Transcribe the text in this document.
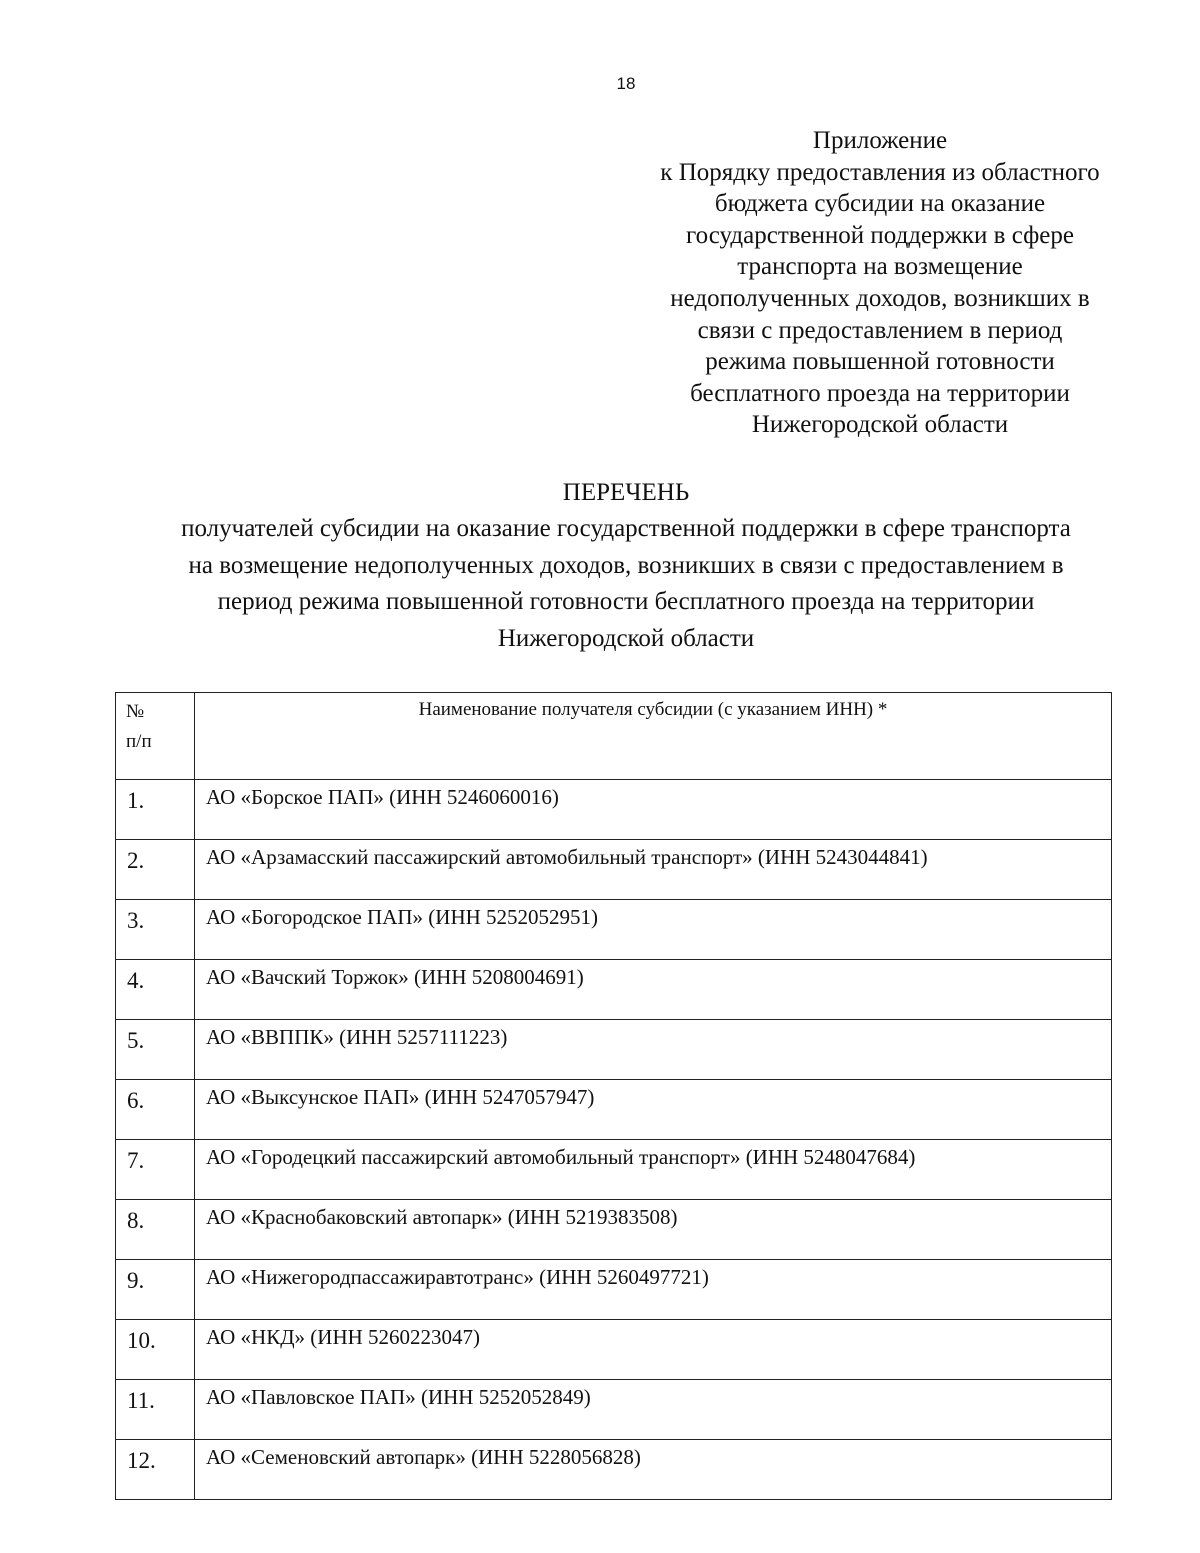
18
Приложение
к Порядку предоставления из областного
бюджета субсидии на оказание
государственной поддержки в сфере
транспорта на возмещение
недополученных доходов, возникших в
связи с предоставлением в период
режима повышенной готовности
бесплатного проезда на территории
Нижегородской области
ПЕРЕЧЕНЬ
получателей субсидии на оказание государственной поддержки в сфере транспорта
на возмещение недополученных доходов, возникших в связи с предоставлением в
период режима повышенной готовности бесплатного проезда на территории
Нижегородской области
№
п/п	Наименование получателя субсидии (с указанием ИНН) *
1.	АО «Борское ПАП» (ИНН 5246060016)
2.	АО «Арзамасский пассажирский автомобильный транспорт» (ИНН 5243044841)
3.	АО «Богородское ПАП» (ИНН 5252052951)
4.	АО «Вачский Торжок» (ИНН 5208004691)
5.	АО «ВВППК» (ИНН 5257111223)
6.	АО «Выксунское ПАП» (ИНН 5247057947)
7.	АО «Городецкий пассажирский автомобильный транспорт» (ИНН 5248047684)
8.	АО «Краснобаковский автопарк» (ИНН 5219383508)
9.	АО «Нижегородпассажиравтотранс» (ИНН 5260497721)
10.	АО «НКД» (ИНН 5260223047)
11.	АО «Павловское ПАП» (ИНН 5252052849)
12.	АО «Семеновский автопарк» (ИНН 5228056828)
